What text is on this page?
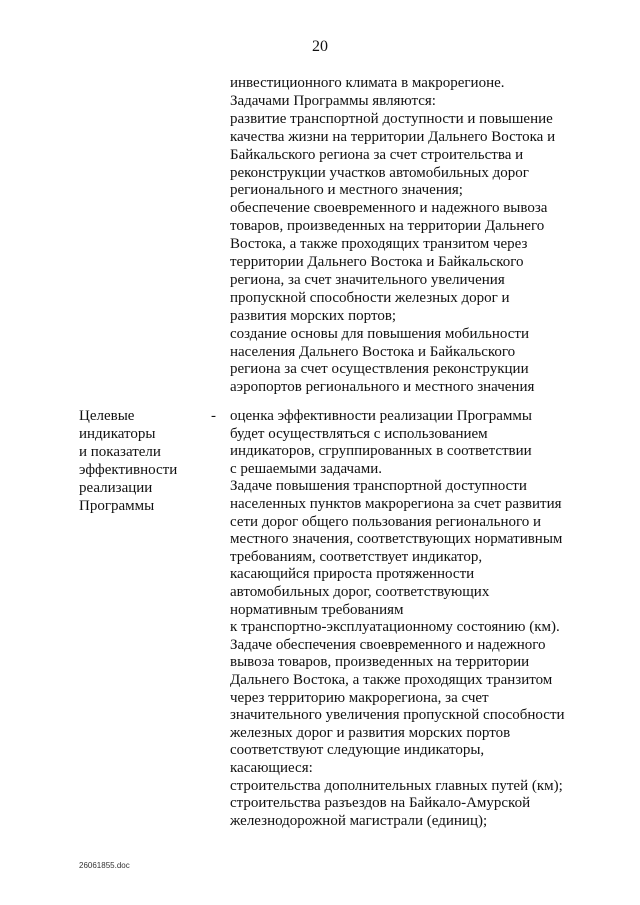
20
инвестиционного климата в макрорегионе.
Задачами Программы являются:
развитие транспортной доступности и повышение
качества жизни на территории Дальнего Востока и
Байкальского региона за счет строительства и
реконструкции участков автомобильных дорог
регионального и местного значения;
обеспечение своевременного и надежного вывоза
товаров, произведенных на территории Дальнего
Востока, а также проходящих транзитом через
территории Дальнего Востока и Байкальского
региона, за счет значительного увеличения
пропускной способности железных дорог и
развития морских портов;
создание основы для повышения мобильности
населения Дальнего Востока и Байкальского
региона за счет осуществления реконструкции
аэропортов регионального и местного значения
Целевые
индикаторы
и показатели
эффективности
реализации
Программы
- оценка эффективности реализации Программы
будет осуществляться с использованием
индикаторов, сгруппированных в соответствии
с решаемыми задачами.
Задаче повышения транспортной доступности
населенных пунктов макрорегиона за счет развития
сети дорог общего пользования регионального и
местного значения, соответствующих нормативным
требованиям, соответствует индикатор,
касающийся прироста протяженности
автомобильных дорог, соответствующих
нормативным требованиям
к транспортно-эксплуатационному состоянию (км).
Задаче обеспечения своевременного и надежного
вывоза товаров, произведенных на территории
Дальнего Востока, а также проходящих транзитом
через территорию макрорегиона, за счет
значительного увеличения пропускной способности
железных дорог и развития морских портов
соответствуют следующие индикаторы,
касающиеся:
строительства дополнительных главных путей (км);
строительства разъездов на Байкало-Амурской
железнодорожной магистрали (единиц);
26061855.doc
